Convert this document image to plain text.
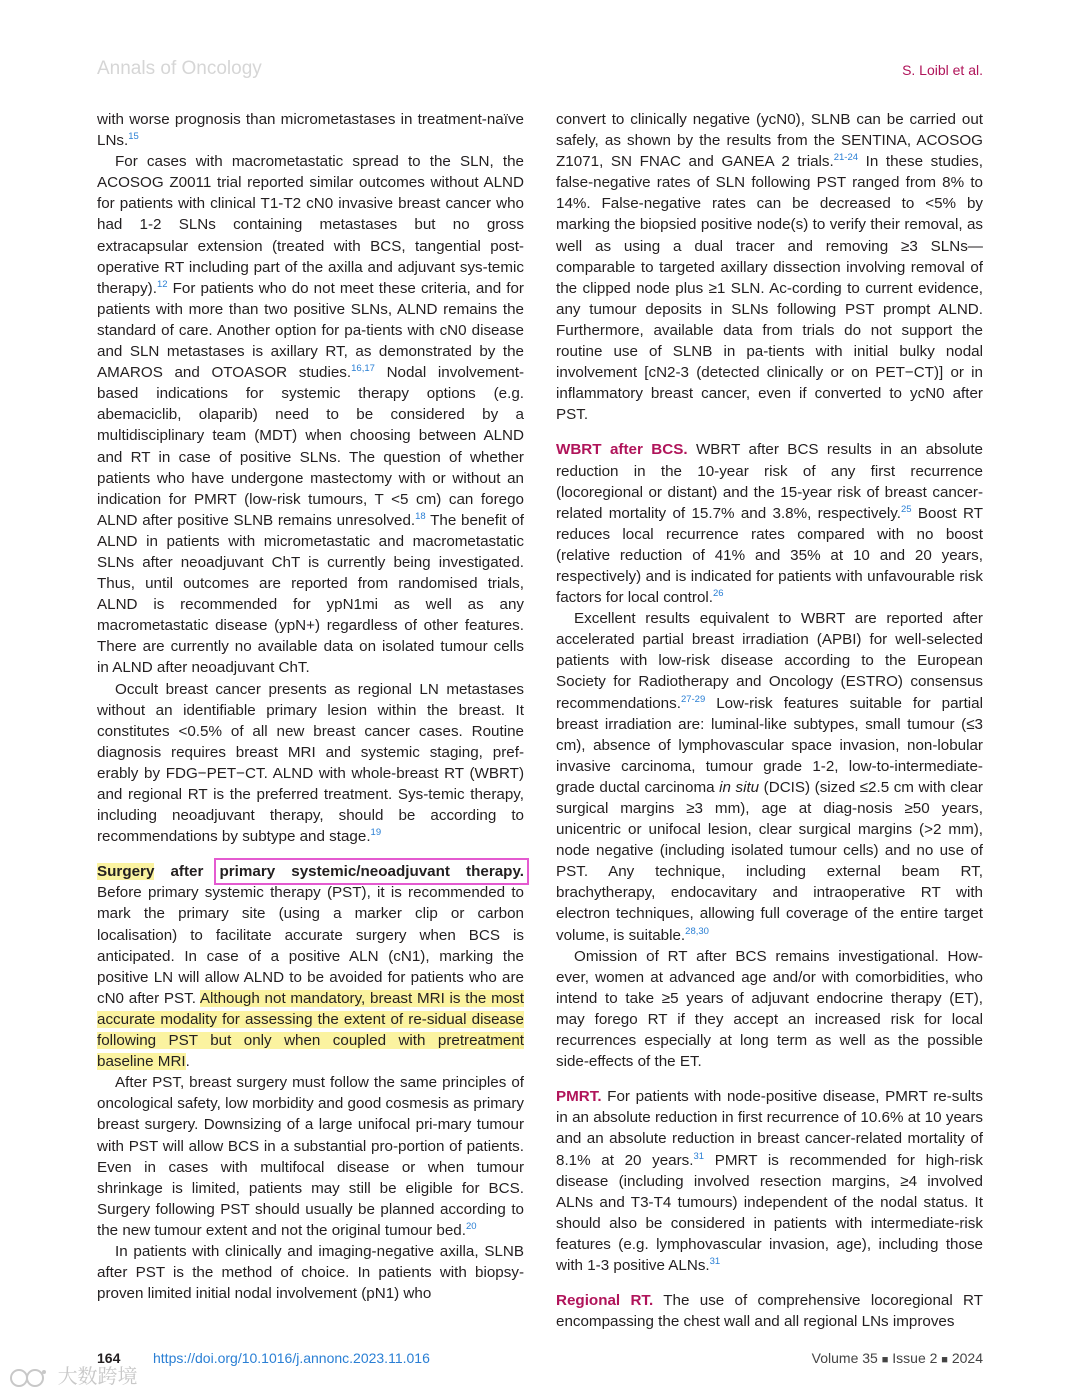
Annals of Oncology	S. Loibl et al.

with worse prognosis than micrometastases in treatment-naïve LNs.$^{15}$

For cases with macrometastatic spread to the SLN, the ACOSOG Z0011 trial reported similar outcomes without ALND for patients with clinical T1-T2 cN0 invasive breast cancer who had 1-2 SLNs containing metastases but no gross extracapsular extension (treated with BCS, tangential post-operative RT including part of the axilla and adjuvant sys-temic therapy).$^{12}$ For patients who do not meet these criteria, and for patients with more than two positive SLNs, ALND remains the standard of care. Another option for pa-tients with cN0 disease and SLN metastases is axillary RT, as demonstrated by the AMAROS and OTOASOR studies.$^{16,17}$ Nodal involvement-based indications for systemic therapy options (e.g. abemaciclib, olaparib) need to be considered by a multidisciplinary team (MDT) when choosing between ALND and RT in case of positive SLNs. The question of whether patients who have undergone mastectomy with or without an indication for PMRT (low-risk tumours, T <5 cm) can forego ALND after positive SLNB remains unresolved.$^{18}$ The benefit of ALND in patients with micrometastatic and macrometastatic SLNs after neoadjuvant ChT is currently being investigated. Thus, until outcomes are reported from randomised trials, ALND is recommended for ypN1mi as well as any macrometastatic disease (ypN+) regardless of other features. There are currently no available data on isolated tumour cells in ALND after neoadjuvant ChT.

Occult breast cancer presents as regional LN metastases without an identifiable primary lesion within the breast. It constitutes <0.5% of all new breast cancer cases. Routine diagnosis requires breast MRI and systemic staging, pref-erably by FDG−PET−CT. ALND with whole-breast RT (WBRT) and regional RT is the preferred treatment. Sys-temic therapy, including neoadjuvant therapy, should be according to recommendations by subtype and stage.$^{19}$

Surgery after primary systemic/neoadjuvant therapy. Before primary systemic therapy (PST), it is recommended to mark the primary site (using a marker clip or carbon localisation) to facilitate accurate surgery when BCS is anticipated. In case of a positive ALN (cN1), marking the positive LN will allow ALND to be avoided for patients who are cN0 after PST. Although not mandatory, breast MRI is the most accurate modality for assessing the extent of re-sidual disease following PST but only when coupled with pretreatment baseline MRI.

After PST, breast surgery must follow the same principles of oncological safety, low morbidity and good cosmesis as primary breast surgery. Downsizing of a large unifocal pri-mary tumour with PST will allow BCS in a substantial pro-portion of patients. Even in cases with multifocal disease or when tumour shrinkage is limited, patients may still be eligible for BCS. Surgery following PST should usually be planned according to the new tumour extent and not the original tumour bed.$^{20}$

In patients with clinically and imaging-negative axilla, SLNB after PST is the method of choice. In patients with biopsy-proven limited initial nodal involvement (pN1) who

convert to clinically negative (ycN0), SLNB can be carried out safely, as shown by the results from the SENTINA, ACOSOG Z1071, SN FNAC and GANEA 2 trials.$^{21-24}$ In these studies, false-negative rates of SLN following PST ranged from 8% to 14%. False-negative rates can be decreased to <5% by marking the biopsied positive node(s) to verify their removal, as well as using a dual tracer and removing ≥3 SLNs—comparable to targeted axillary dissection involving removal of the clipped node plus ≥1 SLN. Ac-cording to current evidence, any tumour deposits in SLNs following PST prompt ALND. Furthermore, available data from trials do not support the routine use of SLNB in pa-tients with initial bulky nodal involvement [cN2-3 (detected clinically or on PET−CT)] or in inflammatory breast cancer, even if converted to ycN0 after PST.

WBRT after BCS. WBRT after BCS results in an absolute reduction in the 10-year risk of any first recurrence (locoregional or distant) and the 15-year risk of breast cancer-related mortality of 15.7% and 3.8%, respectively.$^{25}$ Boost RT reduces local recurrence rates compared with no boost (relative reduction of 41% and 35% at 10 and 20 years, respectively) and is indicated for patients with unfavourable risk factors for local control.$^{26}$

Excellent results equivalent to WBRT are reported after accelerated partial breast irradiation (APBI) for well-selected patients with low-risk disease according to the European Society for Radiotherapy and Oncology (ESTRO) consensus recommendations.$^{27-29}$ Low-risk features suitable for partial breast irradiation are: luminal-like subtypes, small tumour (≤3 cm), absence of lymphovascular space invasion, non-lobular invasive carcinoma, tumour grade 1-2, low-to-intermediate-grade ductal carcinoma in situ (DCIS) (sized ≤2.5 cm with clear surgical margins ≥3 mm), age at diag-nosis ≥50 years, unicentric or unifocal lesion, clear surgical margins (>2 mm), node negative (including isolated tumour cells) and no use of PST. Any technique, including external beam RT, brachytherapy, endocavitary and intraoperative RT with electron techniques, allowing full coverage of the entire target volume, is suitable.$^{28,30}$

Omission of RT after BCS remains investigational. How-ever, women at advanced age and/or with comorbidities, who intend to take ≥5 years of adjuvant endocrine therapy (ET), may forego RT if they accept an increased risk for local recurrences especially at long term as well as the possible side-effects of the ET.

PMRT. For patients with node-positive disease, PMRT re-sults in an absolute reduction in first recurrence of 10.6% at 10 years and an absolute reduction in breast cancer-related mortality of 8.1% at 20 years.$^{31}$ PMRT is recommended for high-risk disease (including involved resection margins, ≥4 involved ALNs and T3-T4 tumours) independent of the nodal status. It should also be considered in patients with intermediate-risk features (e.g. lymphovascular invasion, age), including those with 1-3 positive ALNs.$^{31}$

Regional RT. The use of comprehensive locoregional RT encompassing the chest wall and all regional LNs improves

164 https://doi.org/10.1016/j.annonc.2023.11.016	Volume 35 ■ Issue 2 ■ 2024
大数跨境
